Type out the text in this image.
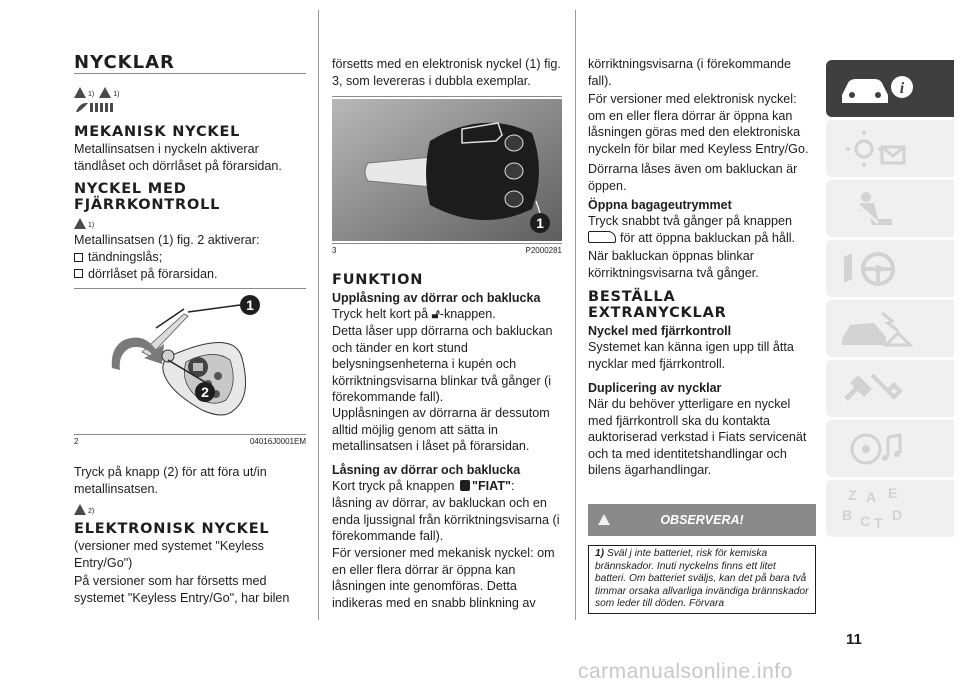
NYCKLAR
1)	1)
MEKANISK NYCKEL
Metallinsatsen i nyckeln aktiverar tändlåset och dörrlåset på förarsidan.
NYCKEL MED FJÄRRKONTROLL
1)
Metallinsatsen (1) fig. 2 aktiverar:
tändningslås;
dörrlåset på förarsidan.
1
2
2	04016J0001EM
Tryck på knapp (2) för att föra ut/in metallinsatsen.
2)
ELEKTRONISK NYCKEL
(versioner med systemet "Keyless Entry/Go")
På versioner som har försetts med systemet "Keyless Entry/Go", har bilen
försetts med en elektronisk nyckel (1) fig. 3, som levereras i dubbla exemplar.
1
3	P2000281
FUNKTION
Upplåsning av dörrar och baklucka
Tryck helt kort på 🔓︎-knappen.
Detta låser upp dörrarna och bakluckan och tänder en kort stund belysningsenheterna i kupén och körriktningsvisarna blinkar två gånger (i förekommande fall).
Upplåsningen av dörrarna är dessutom alltid möjlig genom att sätta in metallinsatsen i låset på förarsidan.
Låsning av dörrar och baklucka
Kort tryck på knappen "FIAT":
låsning av dörrar, av bakluckan och en enda ljussignal från körriktningsvisarna (i förekommande fall).
För versioner med mekanisk nyckel: om en eller flera dörrar är öppna kan låsningen inte genomföras. Detta indikeras med en snabb blinkning av
körriktningsvisarna (i förekommande fall).
För versioner med elektronisk nyckel: om en eller flera dörrar är öppna kan låsningen göras med den elektroniska nyckeln för bilar med Keyless Entry/Go.
Dörrarna låses även om bakluckan är öppen.
Öppna bagageutrymmet
Tryck snabbt två gånger på knappen
för att öppna bakluckan på håll.
När bakluckan öppnas blinkar körriktningsvisarna två gånger.
BESTÄLLA EXTRANYCKLAR
Nyckel med fjärrkontroll
Systemet kan känna igen upp till åtta nycklar med fjärrkontroll.
Duplicering av nycklar
När du behöver ytterligare en nyckel med fjärrkontroll ska du kontakta auktoriserad verkstad i Fiats servicenät och ta med identitetshandlingar och bilens ägarhandlingar.
OBSERVERA!
1) Sväl j inte batteriet, risk för kemiska brännskador. Inuti nyckelns finns ett litet batteri. Om batteriet sväljs, kan det på bara två timmar orsaka allvarliga invändiga brännskador som leder till döden. Förvara
i
Z A E
B C T D
11
carmanualsonline.info
